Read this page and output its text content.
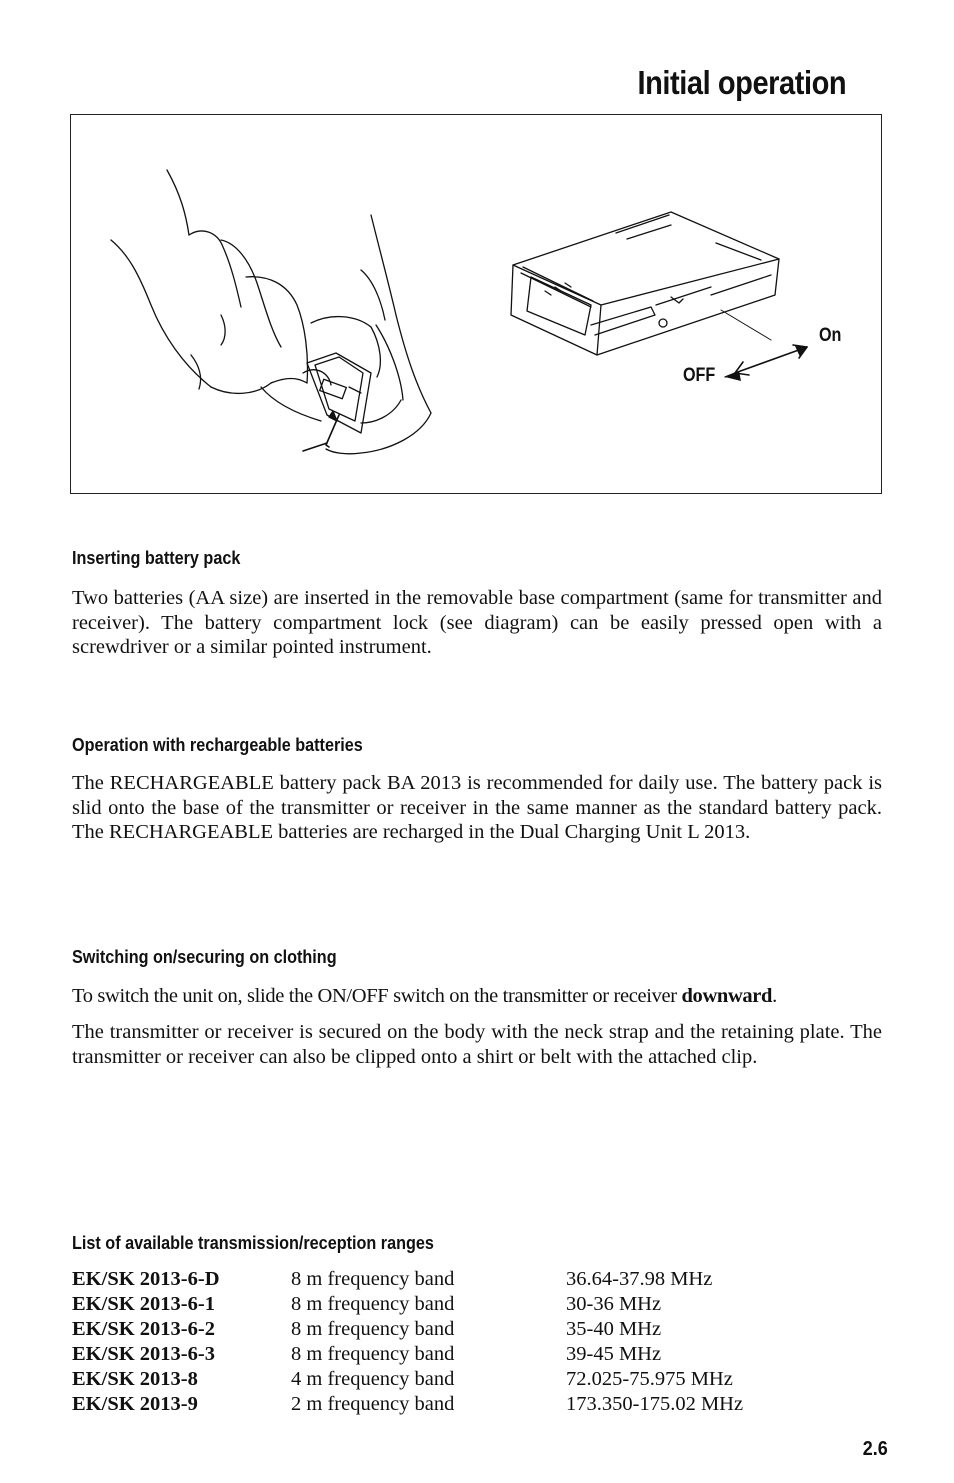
Initial operation
On
OFF
Inserting battery pack

Two batteries (AA size) are inserted in the removable base compartment (same for transmitter and receiver). The battery compartment lock (see diagram) can be easily pressed open with a screwdriver or a similar pointed instrument.

Operation with rechargeable batteries

The RECHARGEABLE battery pack BA 2013 is recommended for daily use. The battery pack is slid onto the base of the transmitter or receiver in the same manner as the standard battery pack. The RECHARGEABLE batteries are recharged in the Dual Charging Unit L 2013.

Switching on/securing on clothing

To switch the unit on, slide the ON/OFF switch on the transmitter or receiver downward.

The transmitter or receiver is secured on the body with the neck strap and the retaining plate. The transmitter or receiver can also be clipped onto a shirt or belt with the attached clip.

List of available transmission/reception ranges
EK/SK 2013-6-D	8 m frequency band	36.64-37.98 MHz
EK/SK 2013-6-1	8 m frequency band	30-36 MHz
EK/SK 2013-6-2	8 m frequency band	35-40 MHz
EK/SK 2013-6-3	8 m frequency band	39-45 MHz
EK/SK 2013-8	4 m frequency band	72.025-75.975 MHz
EK/SK 2013-9	2 m frequency band	173.350-175.02 MHz
2.6
